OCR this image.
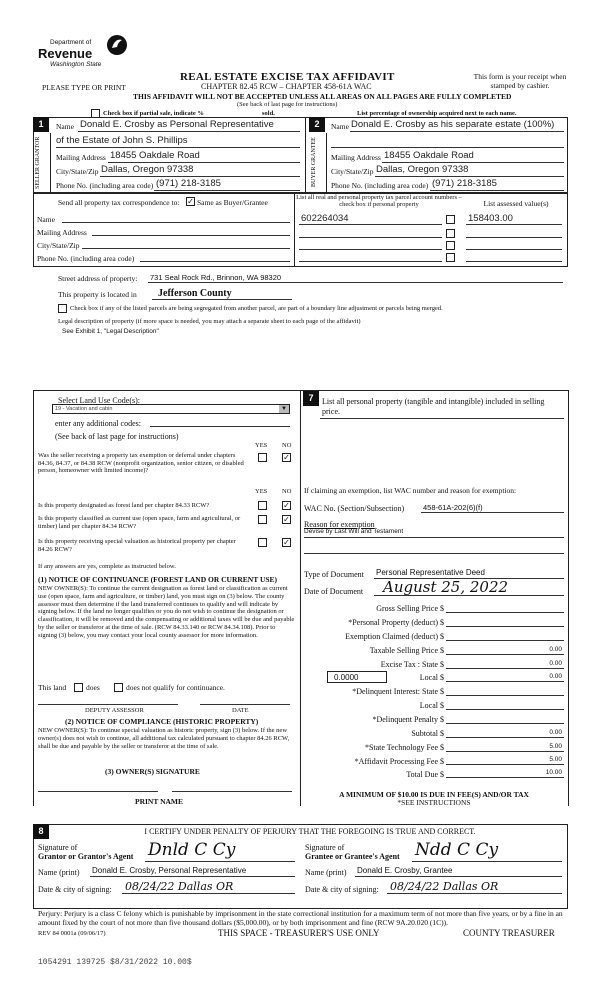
Department of
Revenue
Washington State
REAL ESTATE EXCISE TAX AFFIDAVIT
PLEASE TYPE OR PRINT	CHAPTER 82.45 RCW – CHAPTER 458-61A WAC
This form is your receipt when stamped by cashier.
THIS AFFIDAVIT WILL NOT BE ACCEPTED UNLESS ALL AREAS ON ALL PAGES ARE FULLY COMPLETED
(See back of last page for instructions)
Check box if partial sale, indicate %	sold.	List percentage of ownership acquired next to each name.
1
SELLER GRANTOR
Name Donald E. Crosby as Personal Representative
of the Estate of John S. Phillips
Mailing Address 18455 Oakdale Road
City/State/Zip Dallas, Oregon 97338
Phone No. (including area code) (971) 218-3185
2
BUYER GRANTEE
Name Donald E. Crosby as his separate estate (100%)
Mailing Address 18455 Oakdale Road
City/State/Zip Dallas, Oregon 97338
Phone No. (including area code) (971) 218-3185
Send all property tax correspondence to: ✓ Same as Buyer/Grantee
Name
Mailing Address
City/State/Zip
Phone No. (including area code)
List all real and personal property tax parcel account numbers – check box if personal property	List assessed value(s)
602264034	158403.00
Street address of property: 731 Seal Rock Rd., Brinnon, WA 98320
This property is located in Jefferson County
Check box if any of the listed parcels are being segregated from another parcel, are part of a boundary line adjustment or parcels being merged.
Legal description of property (if more space is needed, you may attach a separate sheet to each page of the affidavit)
See Exhibit 1, "Legal Description"
Select Land Use Code(s):
19 - Vacation and cabin	▼
enter any additional codes:
(See back of last page for instructions)
YES NO
Was the seller receiving a property tax exemption or deferral under chapters 84.36, 84.37, or 84.38 RCW (nonprofit organization, senior citizen, or disabled person, homeowner with limited income)?
✓
YES NO
Is this property designated as forest land per chapter 84.33 RCW?	✓
Is this property classified as current use (open space, farm and agricultural, or timber) land per chapter 84.34 RCW?
✓
Is this property receiving special valuation as historical property per chapter 84.26 RCW?
✓
If any answers are yes, complete as instructed below.
(1) NOTICE OF CONTINUANCE (FOREST LAND OR CURRENT USE)
NEW OWNER(S): To continue the current designation as forest land or classification as current use (open space, farm and agriculture, or timber) land, you must sign on (3) below. The county assessor must then determine if the land transferred continues to qualify and will indicate by signing below. If the land no longer qualifies or you do not wish to continue the designation or classification, it will be removed and the compensating or additional taxes will be due and payable by the seller or transferor at the time of sale. (RCW 84.33.140 or RCW 84.34.108). Prior to signing (3) below, you may contact your local county assessor for more information.
This land	does	does not qualify for continuance.
DEPUTY ASSESSOR	DATE
(2) NOTICE OF COMPLIANCE (HISTORIC PROPERTY)
NEW OWNER(S): To continue special valuation as historic property, sign (3) below. If the new owner(s) does not wish to continue, all additional tax calculated pursuant to chapter 84.26 RCW, shall be due and payable by the seller or transferor at the time of sale.
(3) OWNER(S) SIGNATURE
PRINT NAME
7	List all personal property (tangible and intangible) included in selling price.
If claiming an exemption, list WAC number and reason for exemption:
WAC No. (Section/Subsection)	458-61A-202(6)(f)
Reason for exemption
Devise by Last Will and Testament
Type of Document Personal Representative Deed
Date of Document August 25, 2022
Gross Selling Price $
*Personal Property (deduct) $
Exemption Claimed (deduct) $
Taxable Selling Price $	0.00
Excise Tax : State $	0.00
0.0000	Local $	0.00
*Delinquent Interest: State $
Local $
*Delinquent Penalty $
Subtotal $	0.00
*State Technology Fee $	5.00
*Affidavit Processing Fee $	5.00
Total Due $	10.00
A MINIMUM OF $10.00 IS DUE IN FEE(S) AND/OR TAX
*SEE INSTRUCTIONS
8	I CERTIFY UNDER PENALTY OF PERJURY THAT THE FOREGOING IS TRUE AND CORRECT.
Signature of
Grantor or Grantor's Agent Dnld C Cy
Name (print) Donald E. Crosby, Personal Representative
Date & city of signing: 08/24/22 Dallas OR
Signature of
Grantee or Grantee's Agent Ndd C Cy
Name (print) Donald E. Crosby, Grantee
Date & city of signing: 08/24/22 Dallas OR
Perjury: Perjury is a class C felony which is punishable by imprisonment in the state correctional institution for a maximum term of not more than five years, or by a fine in an amount fixed by the court of not more than five thousand dollars ($5,000.00), or by both imprisonment and fine (RCW 9A.20.020 (1C)).
REV 84 0001a (09/06/17)	THIS SPACE - TREASURER'S USE ONLY	COUNTY TREASURER
1054291 139725 $8/31/2022 10.00$
